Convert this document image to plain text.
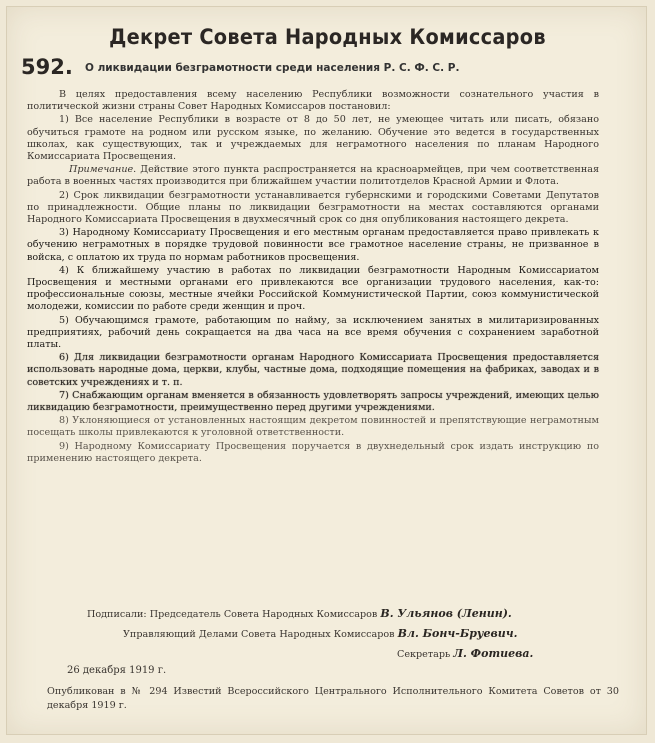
Декрет Совета Народных Комиссаров
592. О ликвидации безграмотности среди населения Р. С. Ф. С. Р.

В целях предоставления всему населению Республики возможности сознательного участия в политической жизни страны Совет Народных Комиссаров постановил:

1) Все население Республики в возрасте от 8 до 50 лет, не умеющее читать или писать, обязано обучиться грамоте на родном или русском языке, по желанию. Обучение это ведется в государственных школах, как существующих, так и учреждаемых для неграмотного населения по планам Народного Комиссариата Просвещения.

Примечание. Действие этого пункта распространяется на красноармейцев, при чем соответственная работа в военных частях производится при ближайшем участии политотделов Красной Армии и Флота.

2) Срок ликвидации безграмотности устанавливается губернскими и городскими Советами Депутатов по принадлежности. Общие планы по ликвидации безграмотности на местах составляются органами Народного Комиссариата Просвещения в двухмесячный срок со дня опубликования настоящего декрета.

3) Народному Комиссариату Просвещения и его местным органам предоставляется право привлекать к обучению неграмотных в порядке трудовой повинности все грамотное население страны, не призванное в войска, с оплатою их труда по нормам работников просвещения.

4) К ближайшему участию в работах по ликвидации безграмотности Народным Комиссариатом Просвещения и местными органами его привлекаются все организации трудового населения, как-то: профессиональные союзы, местные ячейки Российской Коммунистической Партии, союз коммунистической молодежи, комиссии по работе среди женщин и проч.

5) Обучающимся грамоте, работающим по найму, за исключением занятых в милитаризированных предприятиях, рабочий день сокращается на два часа на все время обучения с сохранением заработной платы.

6) Для ликвидации безграмотности органам Народного Комиссариата Просвещения предоставляется использовать народные дома, церкви, клубы, частные дома, подходящие помещения на фабриках, заводах и в советских учреждениях и т. п.

7) Снабжающим органам вменяется в обязанность удовлетворять запросы учреждений, имеющих целью ликвидацию безграмотности, преимущественно перед другими учреждениями.

8) Уклоняющиеся от установленных настоящим декретом повинностей и препятствующие неграмотным посещать школы привлекаются к уголовной ответственности.

9) Народному Комиссариату Просвещения поручается в двухнедельный срок издать инструкцию по применению настоящего декрета.

Подписали: Председатель Совета Народных Комиссаров В. Ульянов (Ленин).
Управляющий Делами Совета Народных Комиссаров Вл. Бонч-Бруевич.
Секретарь Л. Фотиева.
26 декабря 1919 г.
Опубликован в № 294 Известий Всероссийского Центрального Исполнительного Комитета Советов от 30 декабря 1919 г.
